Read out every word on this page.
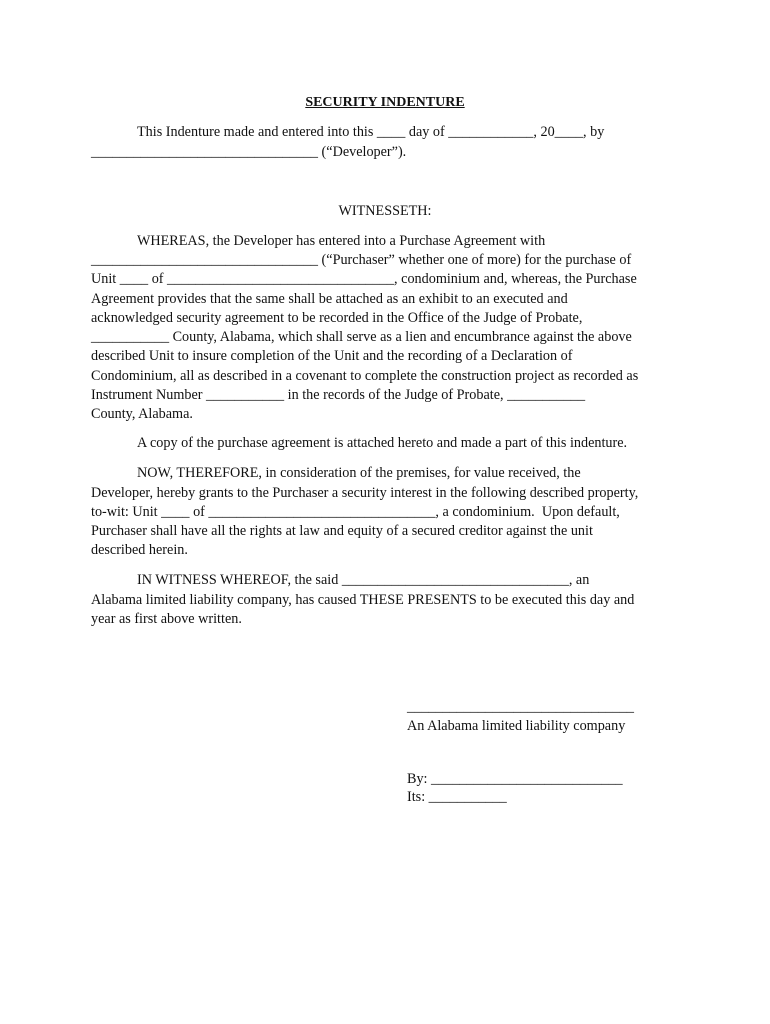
SECURITY INDENTURE
This Indenture made and entered into this ____ day of ____________, 20____, by
________________________________ (“Developer”).
WITNESSETH:
WHEREAS, the Developer has entered into a Purchase Agreement with
________________________________ (“Purchaser” whether one of more) for the purchase of
Unit ____ of ________________________________, condominium and, whereas, the Purchase
Agreement provides that the same shall be attached as an exhibit to an executed and
acknowledged security agreement to be recorded in the Office of the Judge of Probate,
___________ County, Alabama, which shall serve as a lien and encumbrance against the above
described Unit to insure completion of the Unit and the recording of a Declaration of
Condominium, all as described in a covenant to complete the construction project as recorded as
Instrument Number ___________ in the records of the Judge of Probate, ___________
County, Alabama.
A copy of the purchase agreement is attached hereto and made a part of this indenture.
NOW, THEREFORE, in consideration of the premises, for value received, the
Developer, hereby grants to the Purchaser a security interest in the following described property,
to-wit: Unit ____ of ________________________________, a condominium.  Upon default,
Purchaser shall have all the rights at law and equity of a secured creditor against the unit
described herein.
IN WITNESS WHEREOF, the said ________________________________, an
Alabama limited liability company, has caused THESE PRESENTS to be executed this day and
year as first above written.
________________________________
An Alabama limited liability company
By: ___________________________
Its: ___________
